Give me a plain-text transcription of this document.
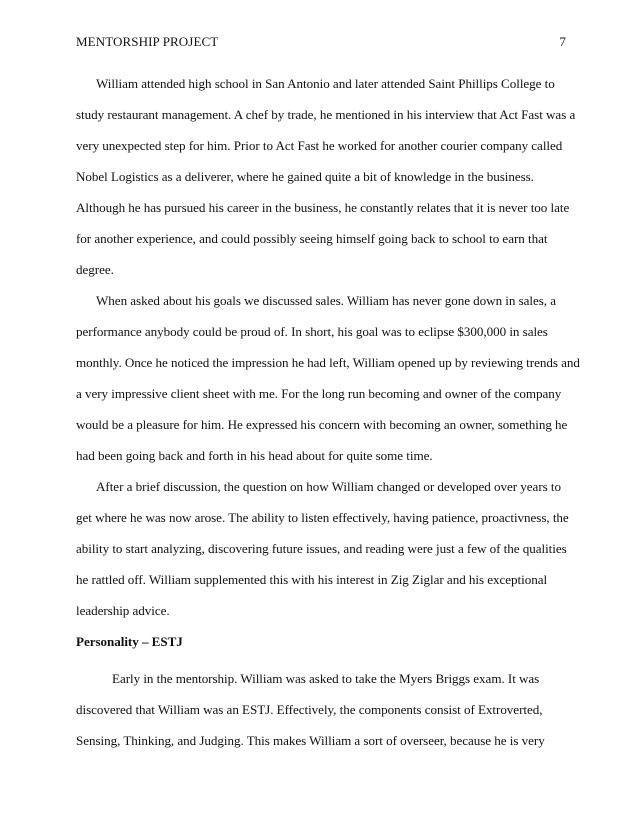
MENTORSHIP PROJECT	7
William attended high school in San Antonio and later attended Saint Phillips College to
study restaurant management. A chef by trade, he mentioned in his interview that Act Fast was a
very unexpected step for him. Prior to Act Fast he worked for another courier company called
Nobel Logistics as a deliverer, where he gained quite a bit of knowledge in the business.
Although he has pursued his career in the business, he constantly relates that it is never too late
for another experience, and could possibly seeing himself going back to school to earn that
degree.
When asked about his goals we discussed sales. William has never gone down in sales, a
performance anybody could be proud of. In short, his goal was to eclipse $300,000 in sales
monthly. Once he noticed the impression he had left, William opened up by reviewing trends and
a very impressive client sheet with me. For the long run becoming and owner of the company
would be a pleasure for him. He expressed his concern with becoming an owner, something he
had been going back and forth in his head about for quite some time.
After a brief discussion, the question on how William changed or developed over years to
get where he was now arose. The ability to listen effectively, having patience, proactivness, the
ability to start analyzing, discovering future issues, and reading were just a few of the qualities
he rattled off. William supplemented this with his interest in Zig Ziglar and his exceptional
leadership advice.
Personality – ESTJ
Early in the mentorship. William was asked to take the Myers Briggs exam. It was
discovered that William was an ESTJ. Effectively, the components consist of Extroverted,
Sensing, Thinking, and Judging. This makes William a sort of overseer, because he is very
